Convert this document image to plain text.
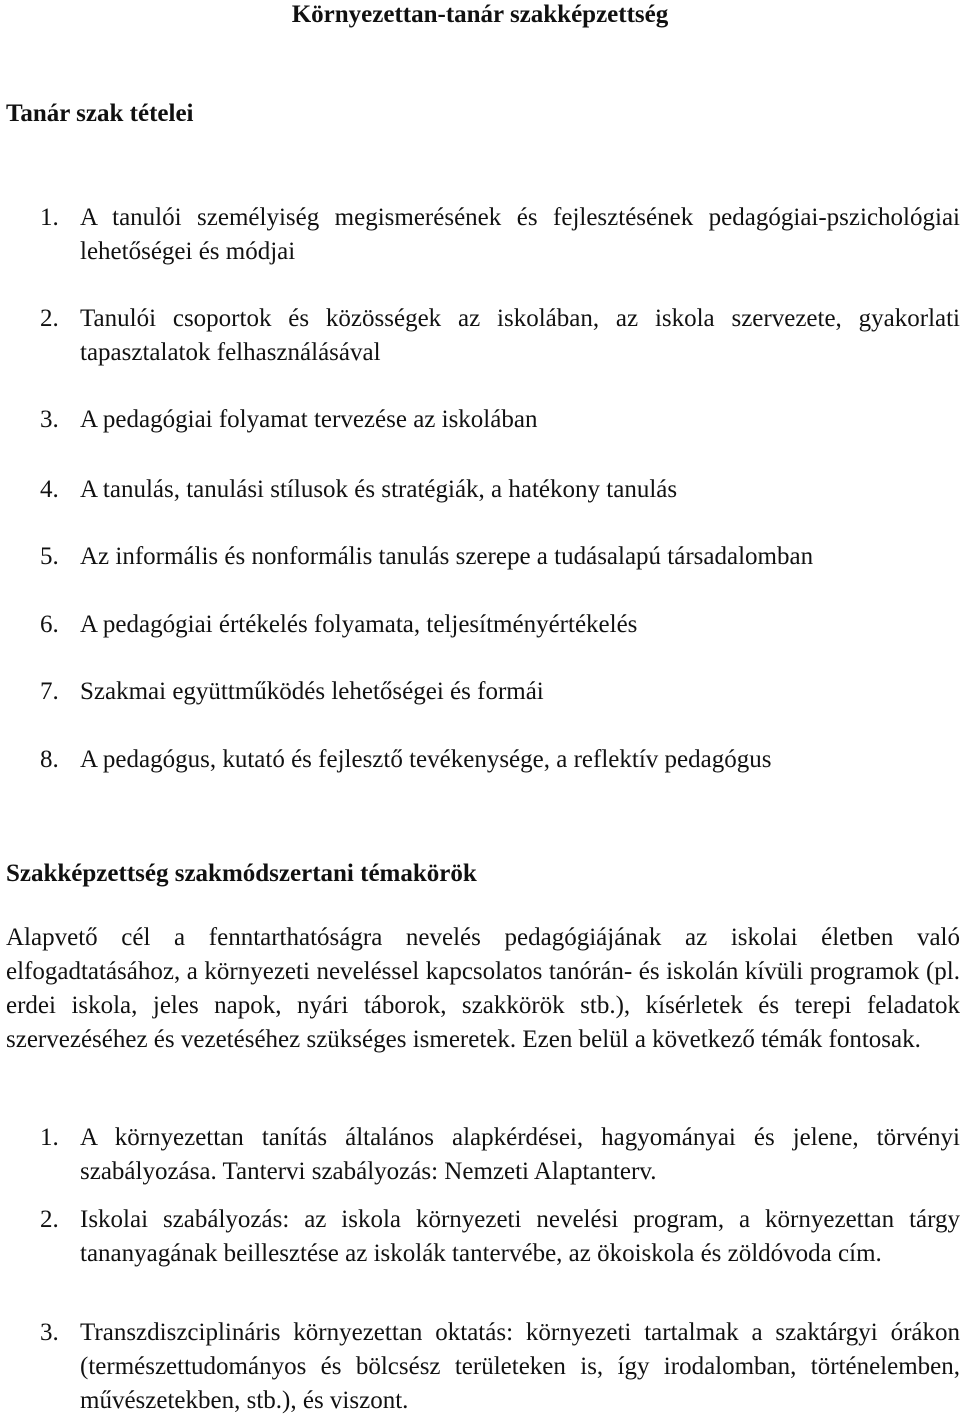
Környezettan-tanár szakképzettség
Tanár szak tételei
1. A tanulói személyiség megismerésének és fejlesztésének pedagógiai-pszichológiai lehetőségei és módjai
2. Tanulói csoportok és közösségek az iskolában, az iskola szervezete, gyakorlati tapasztalatok felhasználásával
3. A pedagógiai folyamat tervezése az iskolában
4. A tanulás, tanulási stílusok és stratégiák, a hatékony tanulás
5. Az informális és nonformális tanulás szerepe a tudásalapú társadalomban
6. A pedagógiai értékelés folyamata, teljesítményértékelés
7. Szakmai együttműködés lehetőségei és formái
8. A pedagógus, kutató és fejlesztő tevékenysége, a reflektív pedagógus
Szakképzettség szakmódszertani témakörök

Alapvető cél a fenntarthatóságra nevelés pedagógiájának az iskolai életben való elfogadtatásához, a környezeti neveléssel kapcsolatos tanórán- és iskolán kívüli programok (pl. erdei iskola, jeles napok, nyári táborok, szakkörök stb.), kísérletek és terepi feladatok szervezéséhez és vezetéséhez szükséges ismeretek. Ezen belül a következő témák fontosak.

1. A környezettan tanítás általános alapkérdései, hagyományai és jelene, törvényi szabályozása. Tantervi szabályozás: Nemzeti Alaptanterv.
2. Iskolai szabályozás: az iskola környezeti nevelési program, a környezettan tárgy tananyagának beillesztése az iskolák tantervébe, az ökoiskola és zöldóvoda cím.
3. Transzdiszciplináris környezettan oktatás: környezeti tartalmak a szaktárgyi órákon (természettudományos és bölcsész területeken is, így irodalomban, történelemben, művészetekben, stb.), és viszont.
